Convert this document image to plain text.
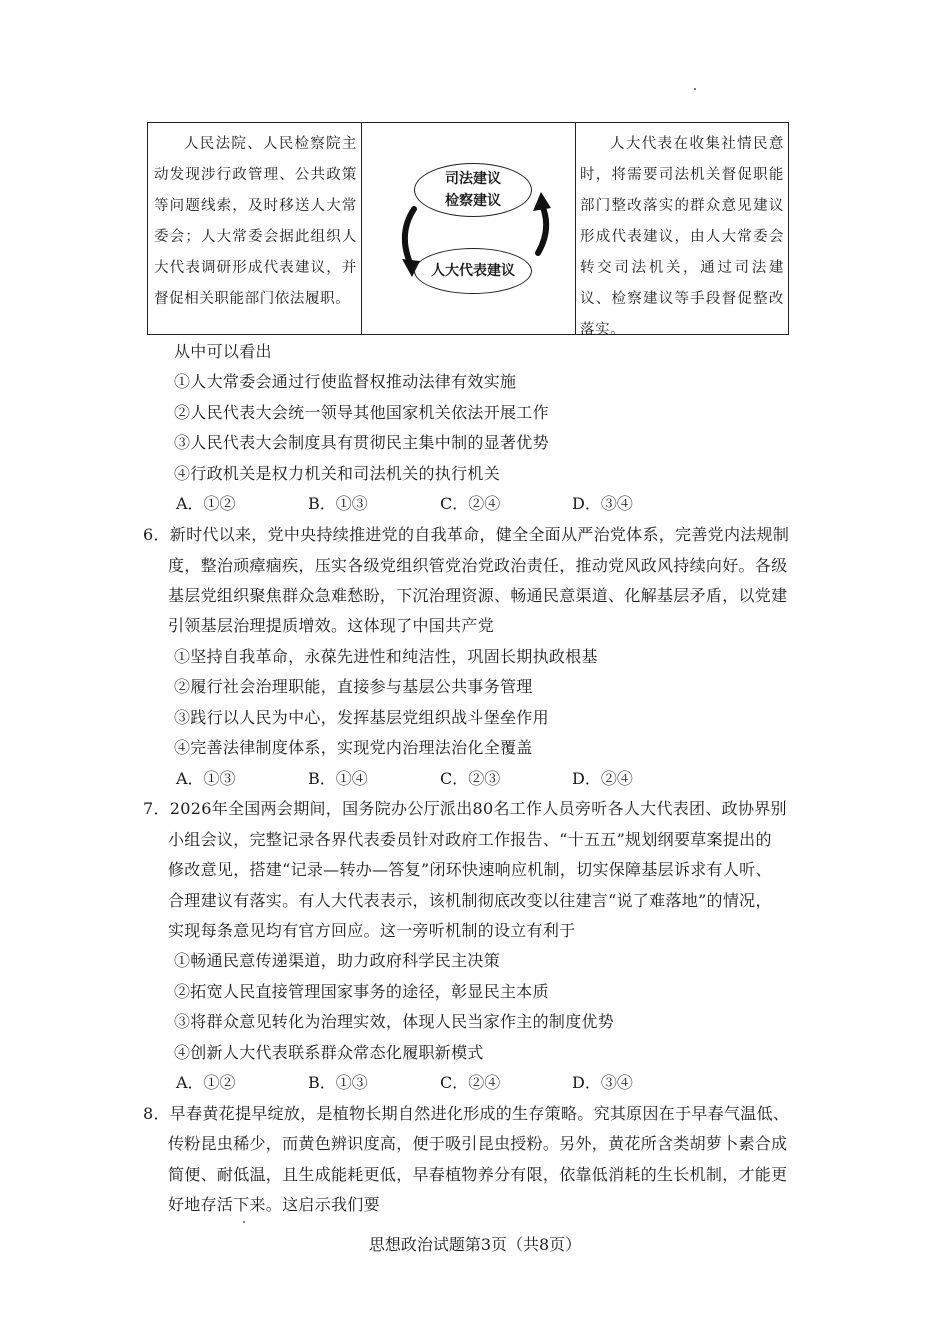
人民法院、人民检察院主动发现涉行政管理、公共政策等问题线索，及时移送人大常委会；人大常委会据此组织人大代表调研形成代表建议，并督促相关职能部门依法履职。
司法建议
检察建议
人大代表建议
人大代表在收集社情民意时，将需要司法机关督促职能部门整改落实的群众意见建议形成代表建议，由人大常委会转交司法机关，通过司法建议、检察建议等手段督促整改落实。
从中可以看出
①人大常委会通过行使监督权推动法律有效实施
②人民代表大会统一领导其他国家机关依法开展工作
③人民代表大会制度具有贯彻民主集中制的显著优势
④行政机关是权力机关和司法机关的执行机关
A．①②	B．①③	C．②④	D．③④
6．新时代以来，党中央持续推进党的自我革命，健全全面从严治党体系，完善党内法规制
度，整治顽瘴痼疾，压实各级党组织管党治党政治责任，推动党风政风持续向好。各级
基层党组织聚焦群众急难愁盼，下沉治理资源、畅通民意渠道、化解基层矛盾，以党建
引领基层治理提质增效。这体现了中国共产党
①坚持自我革命，永葆先进性和纯洁性，巩固长期执政根基
②履行社会治理职能，直接参与基层公共事务管理
③践行以人民为中心，发挥基层党组织战斗堡垒作用
④完善法律制度体系，实现党内治理法治化全覆盖
A．①③	B．①④	C．②③	D．②④
7．2026年全国两会期间，国务院办公厅派出80名工作人员旁听各人大代表团、政协界别
小组会议，完整记录各界代表委员针对政府工作报告、“十五五”规划纲要草案提出的
修改意见，搭建“记录—转办—答复”闭环快速响应机制，切实保障基层诉求有人听、
合理建议有落实。有人大代表表示，该机制彻底改变以往建言“说了难落地”的情况，
实现每条意见均有官方回应。这一旁听机制的设立有利于
①畅通民意传递渠道，助力政府科学民主决策
②拓宽人民直接管理国家事务的途径，彰显民主本质
③将群众意见转化为治理实效，体现人民当家作主的制度优势
④创新人大代表联系群众常态化履职新模式
A．①②	B．①③	C．②④	D．③④
8．早春黄花提早绽放，是植物长期自然进化形成的生存策略。究其原因在于早春气温低、
传粉昆虫稀少，而黄色辨识度高，便于吸引昆虫授粉。另外，黄花所含类胡萝卜素合成
简便、耐低温，且生成能耗更低，早春植物养分有限，依靠低消耗的生长机制，才能更
好地存活下来。这启示我们要
思想政治试题第3页（共8页）
